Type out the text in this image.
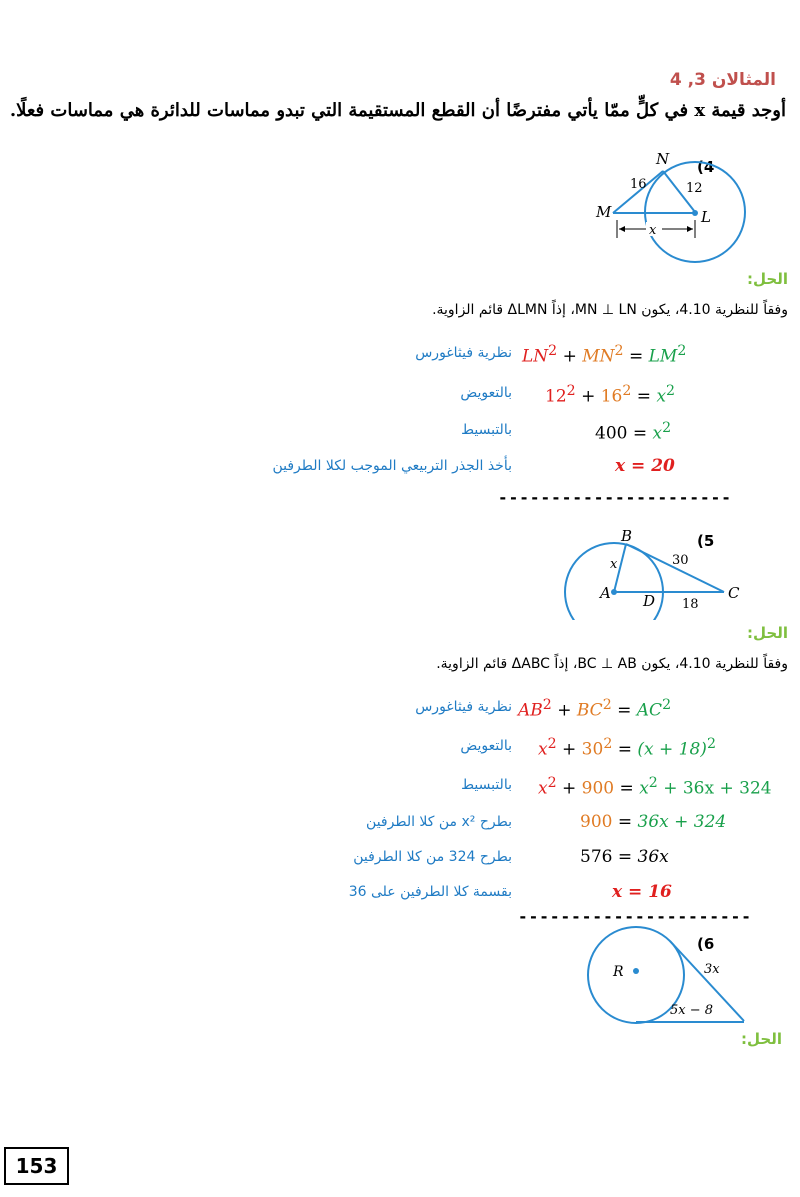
المثالان 3, 4
أوجد قيمة x في كلٍّ ممّا يأتي مفترضًا أن القطع المستقيمة التي تبدو مماسات للدائرة هي مماسات فعلًا.
(4
N
M	L
16	12
x
الحل:
وفقاً للنظرية 4.10، يكون MN ⊥ LN، إذاً ΔLMN قائم الزاوية.
$LN^2 + MN^2 = LM^2$
نظرية فيثاغورس
$12^2 + 16^2 = x^2$
بالتعويض
$400 = x^2$
بالتبسيط
x = 20
بأخذ الجذر التربيعي الموجب لكلا الطرفين
----------------------
(5
B
A	C
D
x	30
18
الحل:
وفقاً للنظرية 4.10، يكون BC ⊥ AB، إذاً ΔABC قائم الزاوية.
$AB^2 + BC^2 = AC^2$
نظرية فيثاغورس
$x^2 + 30^2 = (x + 18)^2$
بالتعويض
$x^2 + 900 = x^2 + 36x + 324$
بالتبسيط
900 = 36x + 324
بطرح x² من كلا الطرفين
576 = 36x
بطرح 324 من كلا الطرفين
x = 16
بقسمة كلا الطرفين على 36
----------------------
(6
R	3x
5x − 8
الحل:
153
